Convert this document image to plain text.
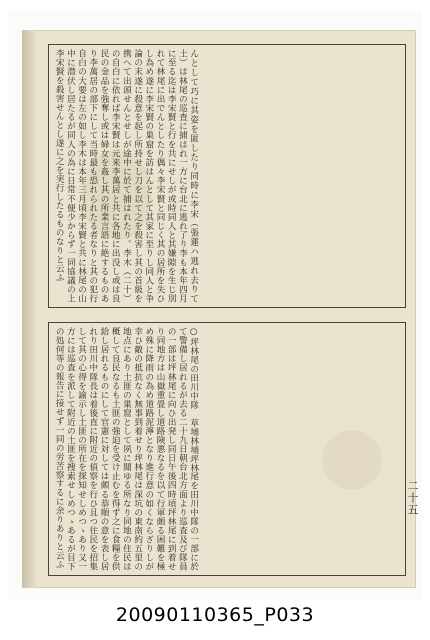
んとして巧に其姿を匿したり同時に李宋（張蓮ハ逃れ去りて土）は林尾の巡査に捕はれ一方に台北に逃れ了り李も本年四月に至る迄は李宋賢と行を共にせしが或時同人と其嫌隙を生じ別れて林尾に出でんとしたり偶々李宋賢と同じく其の居所を失ひし為め遂に李宋賢の巣窟を訪はんとして其家に至りし同人と争論の末遂に殺意を起し所持せし刀を以て之を殺害し其の首級を携へて出頭せんとせしが途中に於て捕はれたり。李木（二十）の自白に依れば李宋賢は元来李萬居と共に各地に出没し或は良民の金品を強奪し或は婦女を姦し其の所業言語に絶するものあり李萬居の部下にして当時最も恐れられたる者なりと其の犯行自白の大要は左の如し李木は本年三月頃李宋賢と共に林尾の山中に潜伏し居たるが同人の為に日常不便少からず一同協議の上李宋賢を殺害せんとし遂に之を実行したるものなりと云ふ
○坪林尾の田川中隊　草埔林埔坪林尾を田川中隊の一部に於て警備し居れるが去る二十九日朝台北方面より巡査及び隊員の一部は坪林尾に向ひ出発し同日午後四時頃坪林尾に到着せり同地方は山嶽重畳し道路険悪なるを以て行軍頗る困難を極め殊に降雨の為め道路泥濘となり進行意の如くならざりしが幸ひ敵の抵抗なく無事到着せり坪林尾は深坑の東南約五里の地点にあり土匪の巣窟として夙に聞ゆる所なり同地の住民は概して良民なるも土匪の強迫を受け止むを得ず之に食糧を供給し居れるものにして官憲に対しては頗る恭順の意を表し居れり田川中隊長は着後直に附近の偵察を行ひ且つ住民を招集して其の心得を諭示し土匪の所在を探知せしめつゝあり又一方には巡査を派して附近の土匪を捜索せしめつゝあるが目下の処何等の報告に接せず一同の労苦察するに余りありと云ふ	二十五
20090110365_P033
